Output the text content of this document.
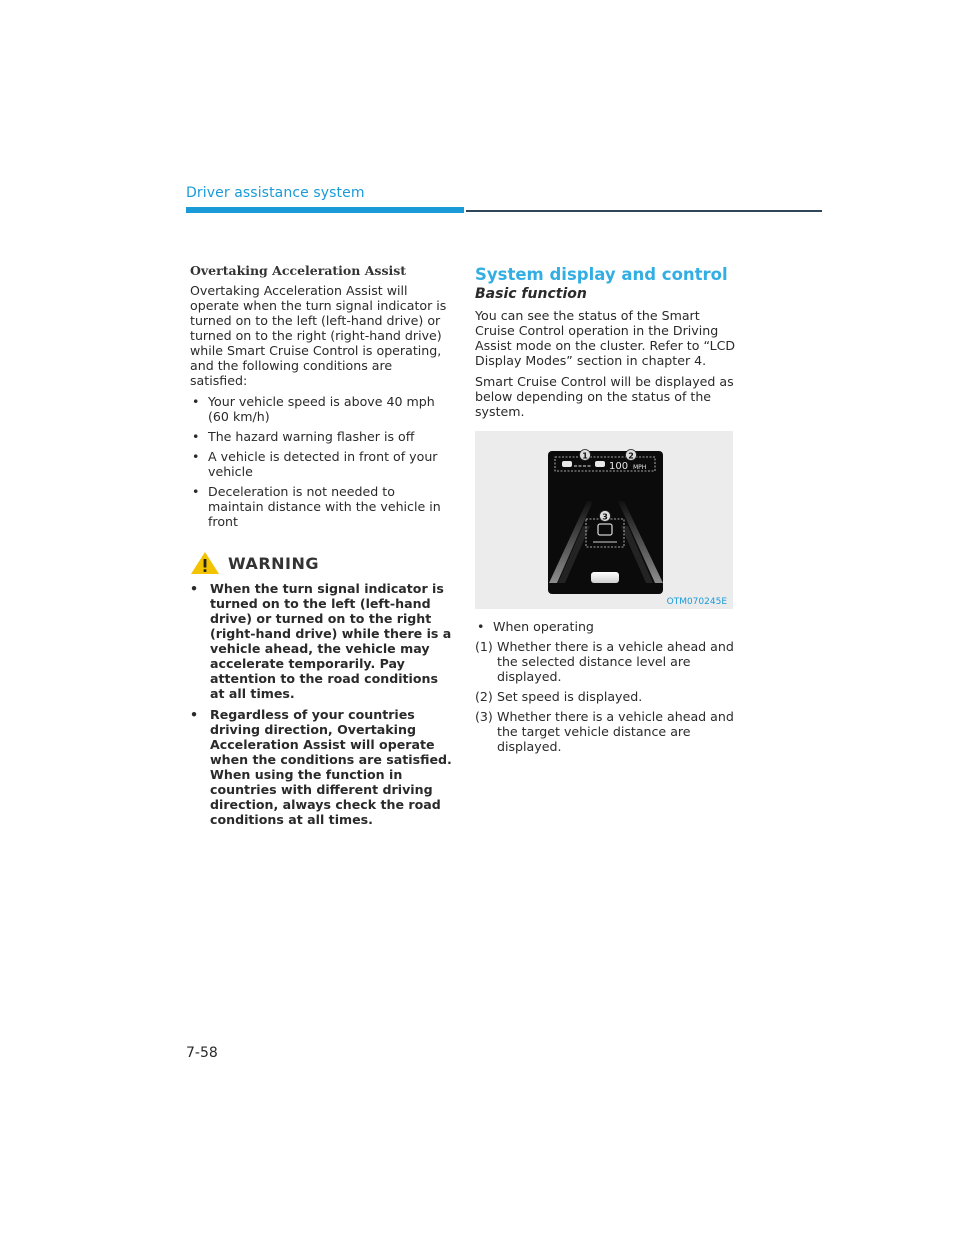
Driver assistance system
Overtaking Acceleration Assist

Overtaking Acceleration Assist will operate when the turn signal indicator is turned on to the left (left-hand drive) or turned on to the right (right-hand drive) while Smart Cruise Control is operating, and the following conditions are satisfied:

• Your vehicle speed is above 40 mph (60 km/h)
• The hazard warning flasher is off
• A vehicle is detected in front of your vehicle
• Deceleration is not needed to maintain distance with the vehicle in front
WARNING
• When the turn signal indicator is turned on to the left (left-hand drive) or turned on to the right (right-hand drive) while there is a vehicle ahead, the vehicle may accelerate temporarily. Pay attention to the road conditions at all times.
• Regardless of your countries driving direction, Overtaking Acceleration Assist will operate when the conditions are satisfied. When using the function in countries with different driving direction, always check the road conditions at all times.
System display and control
Basic function

You can see the status of the Smart Cruise Control operation in the Driving Assist mode on the cluster. Refer to “LCD Display Modes” section in chapter 4.

Smart Cruise Control will be displayed as below depending on the status of the system.

100 MPH
1	2
3
OTM070245E
• When operating
(1) Whether there is a vehicle ahead and the selected distance level are displayed.
(2) Set speed is displayed.
(3) Whether there is a vehicle ahead and the target vehicle distance are displayed.
7-58
